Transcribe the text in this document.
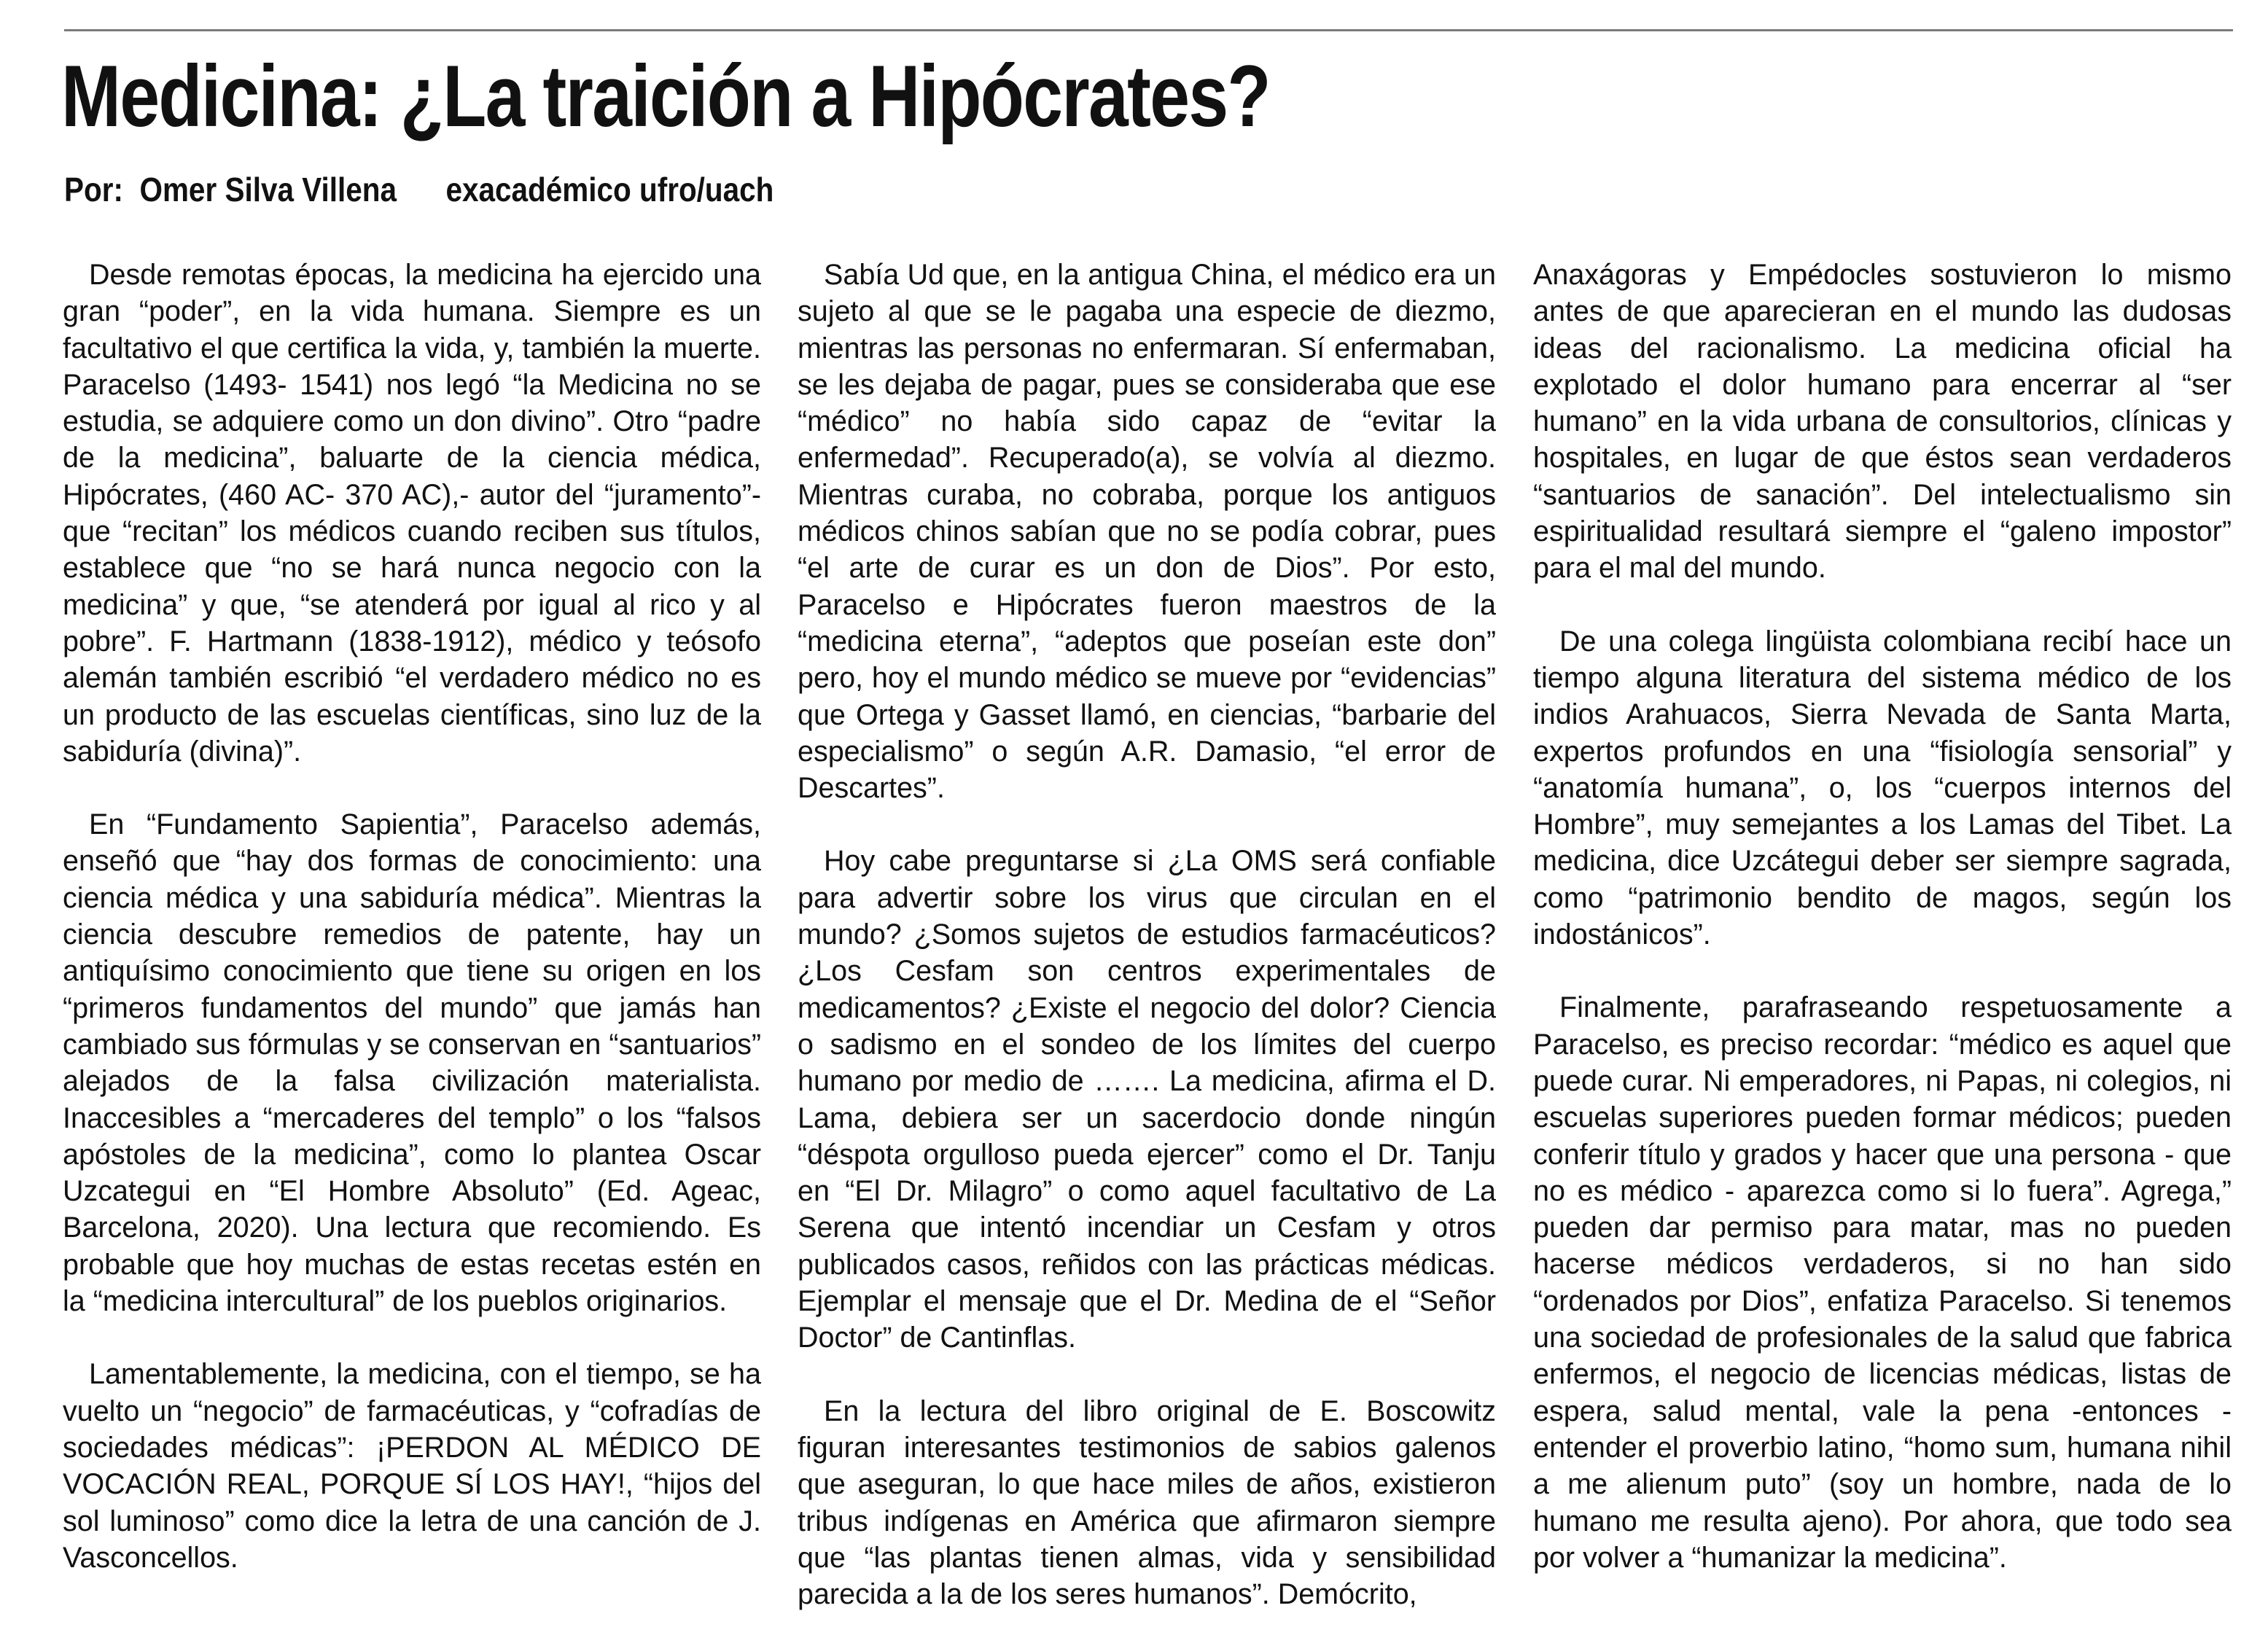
Medicina: ¿La traición a Hipócrates?
Por: Omer Silva Villena exacadémico ufro/uach

Desde remotas épocas, la medicina ha ejercido una gran “poder”, en la vida humana. Siempre es un facultativo el que certifica la vida, y, también la muerte. Paracelso (1493- 1541) nos legó “la Medicina no se estudia, se adquiere como un don divino”. Otro “padre de la medicina”, baluarte de la ciencia médica, Hipócrates, (460 AC- 370 AC),- autor del “juramento”- que “recitan” los médicos cuando reciben sus títulos, establece que “no se hará nunca negocio con la medicina” y que, “se atenderá por igual al rico y al pobre”. F. Hartmann (1838-1912), médico y teósofo alemán también escribió “el verdadero médico no es un producto de las escuelas científicas, sino luz de la sabiduría (divina)”.

En “Fundamento Sapientia”, Paracelso además, enseñó que “hay dos formas de conocimiento: una ciencia médica y una sabiduría médica”. Mientras la ciencia descubre remedios de patente, hay un antiquísimo conocimiento que tiene su origen en los “primeros fundamentos del mundo” que jamás han cambiado sus fórmulas y se conservan en “santuarios” alejados de la falsa civilización materialista. Inaccesibles a “mercaderes del templo” o los “falsos apóstoles de la medicina”, como lo plantea Oscar Uzcategui en “El Hombre Absoluto” (Ed. Ageac, Barcelona, 2020). Una lectura que recomiendo. Es probable que hoy muchas de estas recetas estén en la “medicina intercultural” de los pueblos originarios.

Lamentablemente, la medicina, con el tiempo, se ha vuelto un “negocio” de farmacéuticas, y “cofradías de sociedades médicas”: ¡PERDON AL MÉDICO DE VOCACIÓN REAL, PORQUE SÍ LOS HAY!, “hijos del sol luminoso” como dice la letra de una canción de J. Vasconcellos.

Sabía Ud que, en la antigua China, el médico era un sujeto al que se le pagaba una especie de diezmo, mientras las personas no enfermaran. Sí enfermaban, se les dejaba de pagar, pues se consideraba que ese “médico” no había sido capaz de “evitar la enfermedad”. Recuperado(a), se volvía al diezmo. Mientras curaba, no cobraba, porque los antiguos médicos chinos sabían que no se podía cobrar, pues “el arte de curar es un don de Dios”. Por esto, Paracelso e Hipócrates fueron maestros de la “medicina eterna”, “adeptos que poseían este don” pero, hoy el mundo médico se mueve por “evidencias” que Ortega y Gasset llamó, en ciencias, “barbarie del especialismo” o según A.R. Damasio, “el error de Descartes”.

Hoy cabe preguntarse si ¿La OMS será confiable para advertir sobre los virus que circulan en el mundo? ¿Somos sujetos de estudios farmacéuticos? ¿Los Cesfam son centros experimentales de medicamentos? ¿Existe el negocio del dolor? Ciencia o sadismo en el sondeo de los límites del cuerpo humano por medio de ……. La medicina, afirma el D. Lama, debiera ser un sacerdocio donde ningún “déspota orgulloso pueda ejercer” como el Dr. Tanju en “El Dr. Milagro” o como aquel facultativo de La Serena que intentó incendiar un Cesfam y otros publicados casos, reñidos con las prácticas médicas. Ejemplar el mensaje que el Dr. Medina de el “Señor Doctor” de Cantinflas.

En la lectura del libro original de E. Boscowitz figuran interesantes testimonios de sabios galenos que aseguran, lo que hace miles de años, existieron tribus indígenas en América que afirmaron siempre que “las plantas tienen almas, vida y sensibilidad parecida a la de los seres humanos”. Demócrito,

Anaxágoras y Empédocles sostuvieron lo mismo antes de que aparecieran en el mundo las dudosas ideas del racionalismo. La medicina oficial ha explotado el dolor humano para encerrar al “ser humano” en la vida urbana de consultorios, clínicas y hospitales, en lugar de que éstos sean verdaderos “santuarios de sanación”. Del intelectualismo sin espiritualidad resultará siempre el “galeno impostor” para el mal del mundo.

De una colega lingüista colombiana recibí hace un tiempo alguna literatura del sistema médico de los indios Arahuacos, Sierra Nevada de Santa Marta, expertos profundos en una “fisiología sensorial” y “anatomía humana”, o, los “cuerpos internos del Hombre”, muy semejantes a los Lamas del Tibet. La medicina, dice Uzcátegui deber ser siempre sagrada, como “patrimonio bendito de magos, según los indostánicos”.

Finalmente, parafraseando respetuosamente a Paracelso, es preciso recordar: “médico es aquel que puede curar. Ni emperadores, ni Papas, ni colegios, ni escuelas superiores pueden formar médicos; pueden conferir título y grados y hacer que una persona - que no es médico - aparezca como si lo fuera”. Agrega,” pueden dar permiso para matar, mas no pueden hacerse médicos verdaderos, si no han sido “ordenados por Dios”, enfatiza Paracelso. Si tenemos una sociedad de profesionales de la salud que fabrica enfermos, el negocio de licencias médicas, listas de espera, salud mental, vale la pena -entonces -entender el proverbio latino, “homo sum, humana nihil a me alienum puto” (soy un hombre, nada de lo humano me resulta ajeno). Por ahora, que todo sea por volver a “humanizar la medicina”.
